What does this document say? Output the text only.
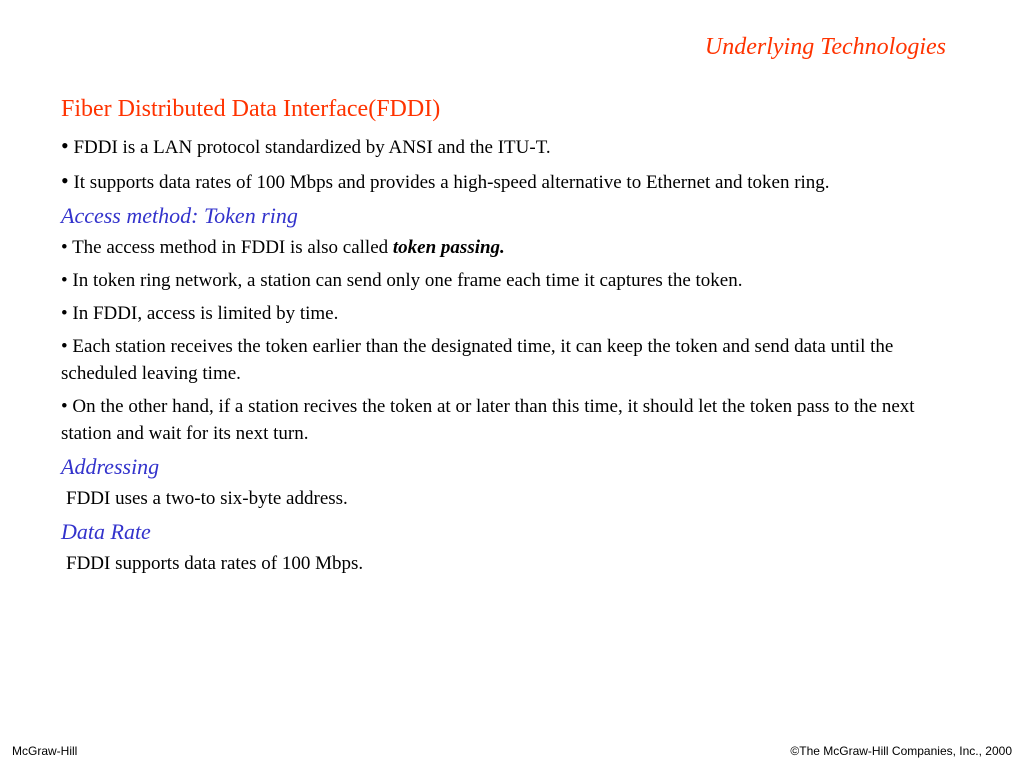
Underlying Technologies
Fiber Distributed Data Interface(FDDI)
• FDDI is a LAN protocol standardized by ANSI and the ITU-T.
• It supports data rates of 100 Mbps and provides a high-speed alternative to Ethernet and token ring.
Access method: Token ring
• The access method in FDDI is also called token passing.
• In token ring network, a station can send only one frame each time it captures the token.
• In FDDI, access is limited by time.
• Each station receives the token earlier than the designated time, it can keep the token and send data until the scheduled leaving time.
• On the other hand, if a station recives the token at or later than this time, it should let the token pass to the next station and wait for its next turn.
Addressing
FDDI uses a two-to six-byte address.
Data Rate
FDDI supports data rates of 100 Mbps.
McGraw-Hill	©The McGraw-Hill Companies, Inc., 2000
